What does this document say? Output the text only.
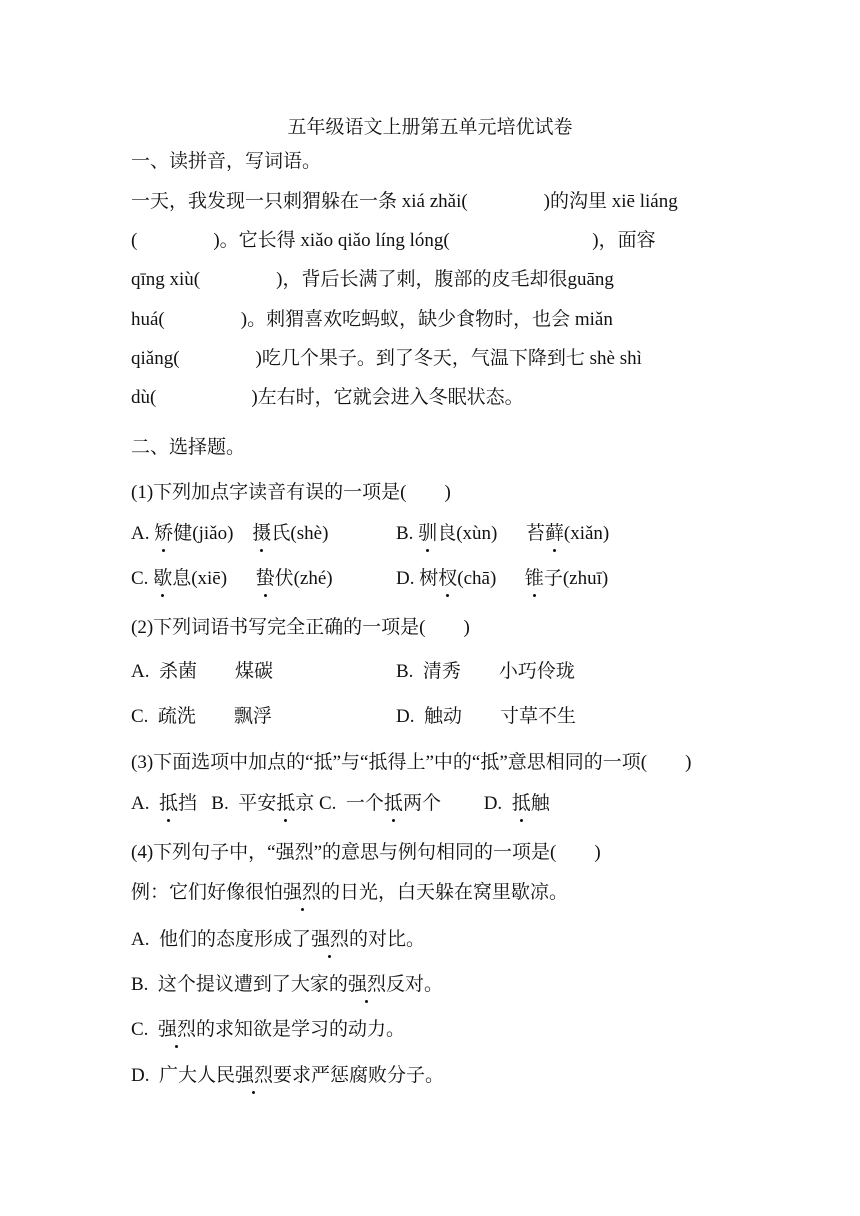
五年级语文上册第五单元培优试卷
一、读拼音，写词语。
一天，我发现一只刺猬躲在一条 xiá zhǎi(                )的沟里 xiē liáng
(                )。它长得 xiǎo qiǎo líng lóng(                              )，面容
qīng xiù(                )，背后长满了刺，腹部的皮毛却很guāng
huá(                )。刺猬喜欢吃蚂蚁，缺少食物时，也会 miǎn
qiǎng(                )吃几个果子。到了冬天，气温下降到七 shè shì
dù(                    )左右时，它就会进入冬眠状态。
二、选择题。
(1)下列加点字读音有误的一项是(        )
A. 矫健(jiǎo) 摄氏(shè)	B. 驯良(xùn) 苔藓(xiǎn)
C. 歇息(xiē) 蛰伏(zhé)	D. 树杈(chā) 锥子(zhuī)
(2)下列词语书写完全正确的一项是(        )
A.  杀菌        煤碳	B.  清秀        小巧伶珑
C.  疏洗        飘浮	D.  触动        寸草不生
(3)下面选项中加点的“抵”与“抵得上”中的“抵”意思相同的一项(        )
A.  抵挡   B.  平安抵京 C.  一个抵两个         D.  抵触
(4)下列句子中，“强烈”的意思与例句相同的一项是(        )
例：它们好像很怕强烈的日光，白天躲在窝里歇凉。
A.  他们的态度形成了强烈的对比。
B.  这个提议遭到了大家的强烈反对。
C.  强烈的求知欲是学习的动力。
D.  广大人民强烈要求严惩腐败分子。
